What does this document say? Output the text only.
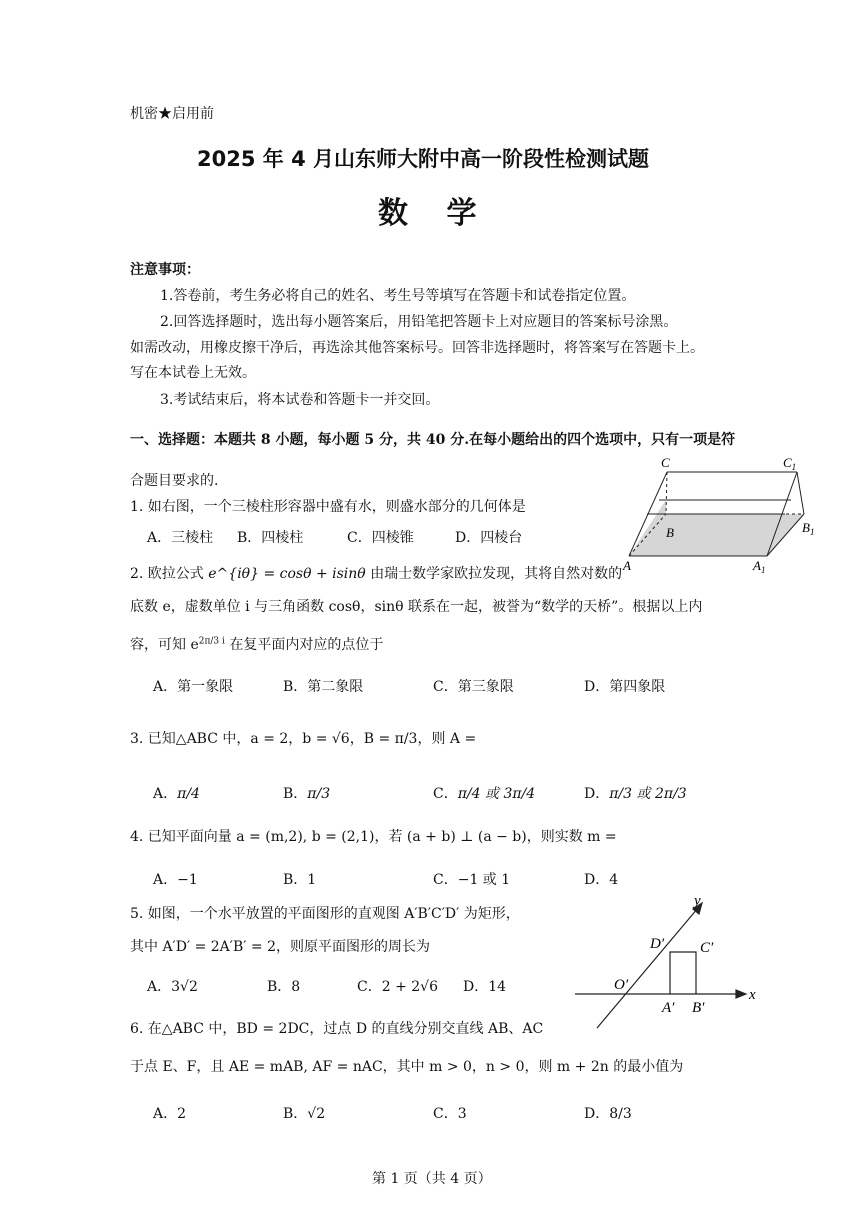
机密★启用前
2025 年 4 月山东师大附中高一阶段性检测试题
数 学
注意事项：
1.答卷前，考生务必将自己的姓名、考生号等填写在答题卡和试卷指定位置。
2.回答选择题时，选出每小题答案后，用铅笔把答题卡上对应题目的答案标号涂黑。
如需改动，用橡皮擦干净后，再选涂其他答案标号。回答非选择题时，将答案写在答题卡上。
写在本试卷上无效。
3.考试结束后，将本试卷和答题卡一并交回。
一、选择题：本题共 8 小题，每小题 5 分，共 40 分.在每小题给出的四个选项中，只有一项是符
合题目要求的.
1. 如右图，一个三棱柱形容器中盛有水，则盛水部分的几何体是
A．三棱柱 B．四棱柱	C．四棱锥	D．四棱台
C	$C_1$
B	$B_1$
A	$A_1$
2. 欧拉公式 e^{iθ} = cosθ + isinθ 由瑞士数学家欧拉发现，其将自然对数的
底数 e，虚数单位 i 与三角函数 cosθ，sinθ 联系在一起，被誉为“数学的天桥”。根据以上内
容，可知 $e^{2\pi/3 i}$ 在复平面内对应的点位于
A．第一象限	B．第二象限	C．第三象限	D．第四象限
3. 已知△ABC 中，a = 2，b = √6，B = π/3，则 A =
A．π/4	B．π/3	C．π/4 或 3π/4	D．π/3 或 2π/3
4. 已知平面向量 a = (m,2), b = (2,1)，若 (a + b) ⊥ (a − b)，则实数 m =
A．−1	B．1	C．−1 或 1	D．4
5. 如图，一个水平放置的平面图形的直观图 A′B′C′D′ 为矩形，
其中 A′D′ = 2A′B′ = 2，则原平面图形的周长为
A．3√2	B．8	C．2 + 2√6 D．14
y
x
O′
D′ C′
A′ B′
6. 在△ABC 中，BD = 2DC，过点 D 的直线分别交直线 AB、AC
于点 E、F，且 AE = mAB, AF = nAC，其中 m > 0，n > 0，则 m + 2n 的最小值为
A．2	B．√2	C．3	D．8/3
第 1 页（共 4 页）
